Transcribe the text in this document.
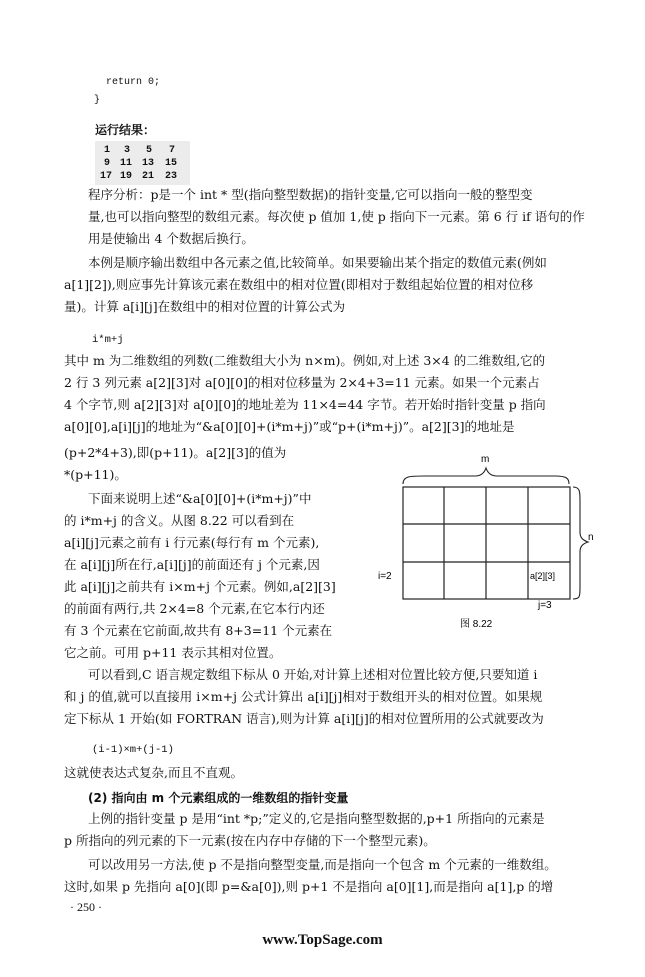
return 0;
}
运行结果：
1 3 5 7
9 11 13 15
17 19 21 23
程序分析：p是一个 int * 型(指向整型数据)的指针变量,它可以指向一般的整型变
量,也可以指向整型的数组元素。每次使 p 值加 1,使 p 指向下一元素。第 6 行 if 语句的作
用是使输出 4 个数据后换行。
本例是顺序输出数组中各元素之值,比较简单。如果要输出某个指定的数值元素(例如
a[1][2]),则应事先计算该元素在数组中的相对位置(即相对于数组起始位置的相对位移
量)。计算 a[i][j]在数组中的相对位置的计算公式为
i*m+j
其中 m 为二维数组的列数(二维数组大小为 n×m)。例如,对上述 3×4 的二维数组,它的
2 行 3 列元素 a[2][3]对 a[0][0]的相对位移量为 2×4+3=11 元素。如果一个元素占
4 个字节,则 a[2][3]对 a[0][0]的地址差为 11×4=44 字节。若开始时指针变量 p 指向
a[0][0],a[i][j]的地址为“&a[0][0]+(i*m+j)”或“p+(i*m+j)”。a[2][3]的地址是
(p+2*4+3),即(p+11)。a[2][3]的值为
*(p+11)。
下面来说明上述“&a[0][0]+(i*m+j)”中
的 i*m+j 的含义。从图 8.22 可以看到在
a[i][j]元素之前有 i 行元素(每行有 m 个元素),
在 a[i][j]所在行,a[i][j]的前面还有 j 个元素,因
此 a[i][j]之前共有 i×m+j 个元素。例如,a[2][3]
的前面有两行,共 2×4=8 个元素,在它本行内还
有 3 个元素在它前面,故共有 8+3=11 个元素在
它之前。可用 p+11 表示其相对位置。
m
n
i=2	a[2][3]
j=3
图 8.22
可以看到,C 语言规定数组下标从 0 开始,对计算上述相对位置比较方便,只要知道 i
和 j 的值,就可以直接用 i×m+j 公式计算出 a[i][j]相对于数组开头的相对位置。如果规
定下标从 1 开始(如 FORTRAN 语言),则为计算 a[i][j]的相对位置所用的公式就要改为
(i-1)×m+(j-1)
这就使表达式复杂,而且不直观。
(2) 指向由 m 个元素组成的一维数组的指针变量
上例的指针变量 p 是用“int *p;”定义的,它是指向整型数据的,p+1 所指向的元素是
p 所指向的列元素的下一元素(按在内存中存储的下一个整型元素)。
可以改用另一方法,使 p 不是指向整型变量,而是指向一个包含 m 个元素的一维数组。
这时,如果 p 先指向 a[0](即 p=&a[0]),则 p+1 不是指向 a[0][1],而是指向 a[1],p 的增
· 250 ·
www.TopSage.com
